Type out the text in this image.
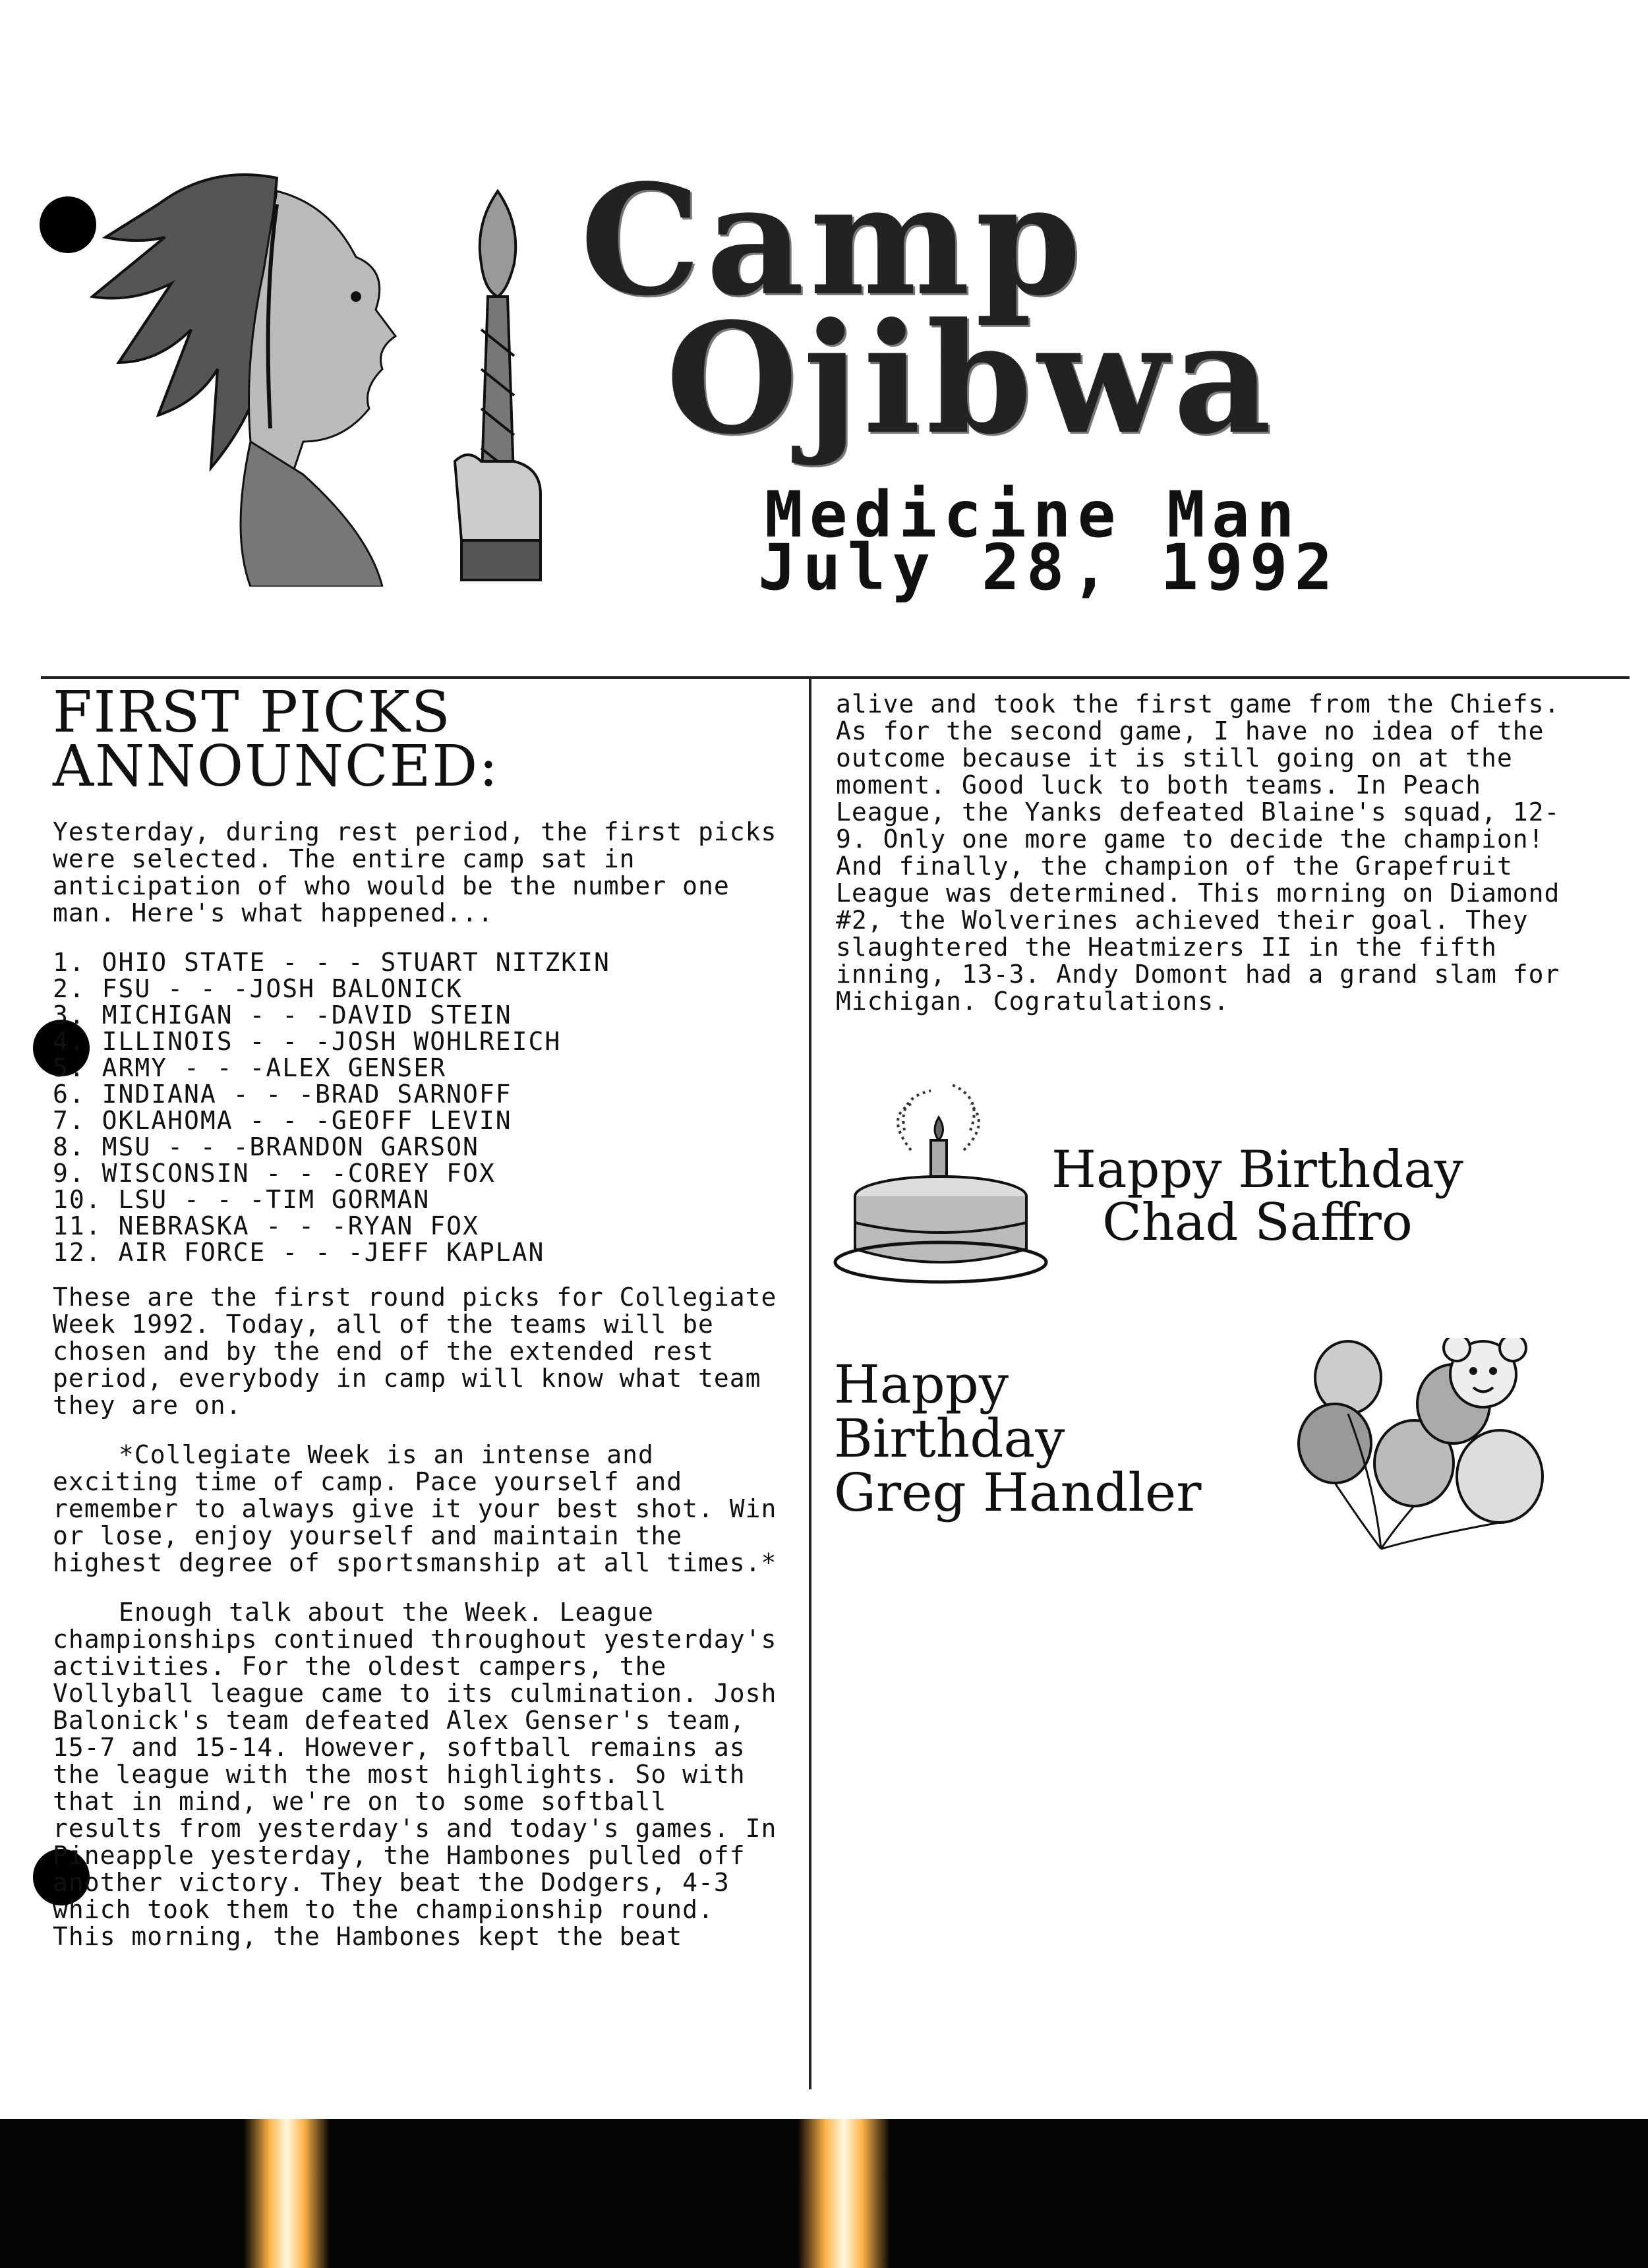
Camp
Ojibwa
Medicine Man
July 28, 1992
FIRST PICKS
ANNOUNCED:

Yesterday, during rest period, the first picks were selected. The entire camp sat in anticipation of who would be the number one man. Here's what happened...

1. OHIO STATE - - - STUART NITZKIN
2. FSU - - -JOSH BALONICK
3. MICHIGAN - - -DAVID STEIN
4. ILLINOIS - - -JOSH WOHLREICH
5. ARMY - - -ALEX GENSER
6. INDIANA - - -BRAD SARNOFF
7. OKLAHOMA - - -GEOFF LEVIN
8. MSU - - -BRANDON GARSON
9. WISCONSIN - - -COREY FOX
10. LSU - - -TIM GORMAN
11. NEBRASKA - - -RYAN FOX
12. AIR FORCE - - -JEFF KAPLAN

These are the first round picks for Collegiate Week 1992. Today, all of the teams will be chosen and by the end of the extended rest period, everybody in camp will know what team they are on.

*Collegiate Week is an intense and exciting time of camp. Pace yourself and remember to always give it your best shot. Win or lose, enjoy yourself and maintain the highest degree of sportsmanship at all times.*

Enough talk about the Week. League championships continued throughout yesterday's activities. For the oldest campers, the Vollyball league came to its culmination. Josh Balonick's team defeated Alex Genser's team, 15-7 and 15-14. However, softball remains as the league with the most highlights. So with that in mind, we're on to some softball results from yesterday's and today's games. In Pineapple yesterday, the Hambones pulled off another victory. They beat the Dodgers, 4-3 which took them to the championship round. This morning, the Hambones kept the beat

alive and took the first game from the Chiefs. As for the second game, I have no idea of the outcome because it is still going on at the moment. Good luck to both teams. In Peach League, the Yanks defeated Blaine's squad, 12-9. Only one more game to decide the champion! And finally, the champion of the Grapefruit League was determined. This morning on Diamond #2, the Wolverines achieved their goal. They slaughtered the Heatmizers II in the fifth inning, 13-3. Andy Domont had a grand slam for Michigan. Cogratulations.

Happy Birthday
Chad Saffro
Happy
Birthday
Greg Handler
